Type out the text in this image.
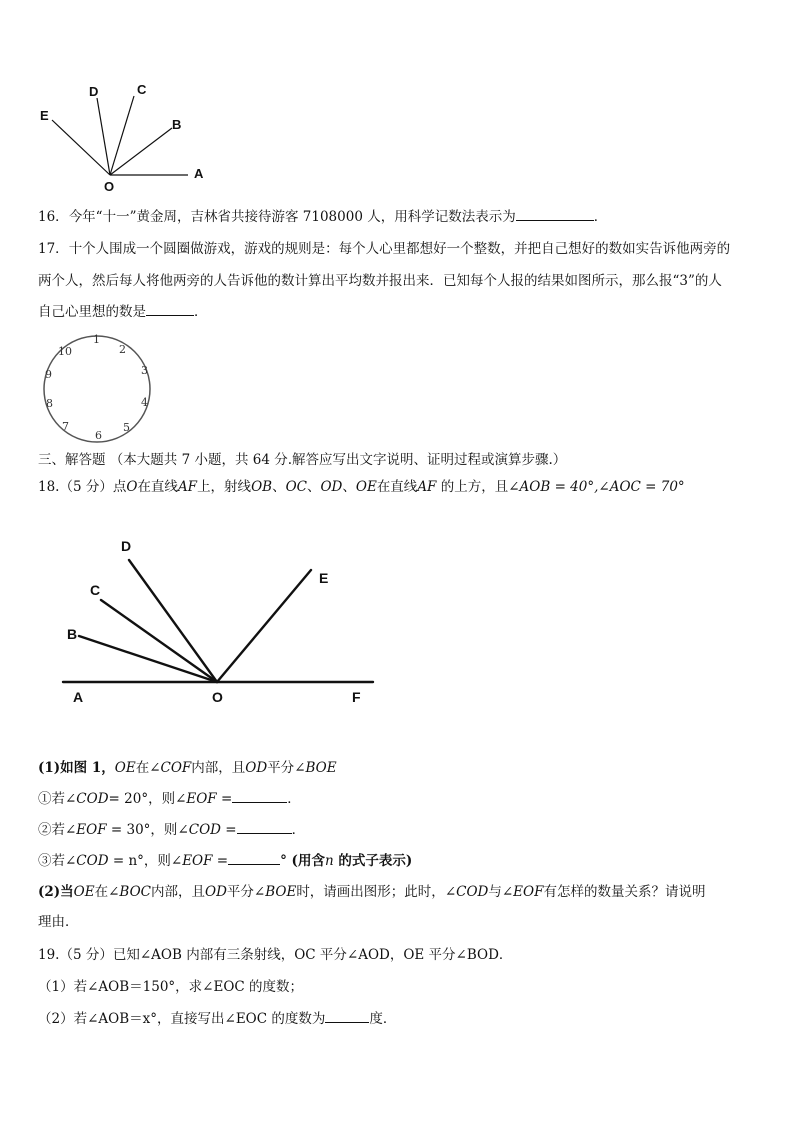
E
D	C
B
O
A
16．今年“十一”黄金周，吉林省共接待游客 7108000 人，用科学记数法表示为	．
17．十个人围成一个圆圈做游戏，游戏的规则是：每个人心里都想好一个整数，并把自己想好的数如实告诉他两旁的
两个人，然后每人将他两旁的人告诉他的数计算出平均数并报出来．已知每个人报的结果如图所示，那么报“3”的人
自己心里想的数是	．
1
2
3
4
5
6
7
8
9
10
三、解答题 （本大题共 7 小题，共 64 分.解答应写出文字说明、证明过程或演算步骤.）
18.（5 分）点O在直线AF上，射线OB、OC、OD、OE在直线AF 的上方，且∠AOB = 40°,∠AOC = 70°
D
C
B
E
A	O	F
(1)如图 1，OE在∠COF内部，且OD平分∠BOE
①若∠COD= 20°，则∠EOF =	．
②若∠EOF = 30°，则∠COD =	．
③若∠COD = n°，则∠EOF =	° (用含n 的式子表示)
(2)当OE在∠BOC内部，且OD平分∠BOE时，请画出图形；此时，∠COD与∠EOF有怎样的数量关系？请说明
理由．
19.（5 分）已知∠AOB 内部有三条射线，OC 平分∠AOD，OE 平分∠BOD．
（1）若∠AOB＝150°，求∠EOC 的度数；
（2）若∠AOB＝x°，直接写出∠EOC 的度数为	度．
